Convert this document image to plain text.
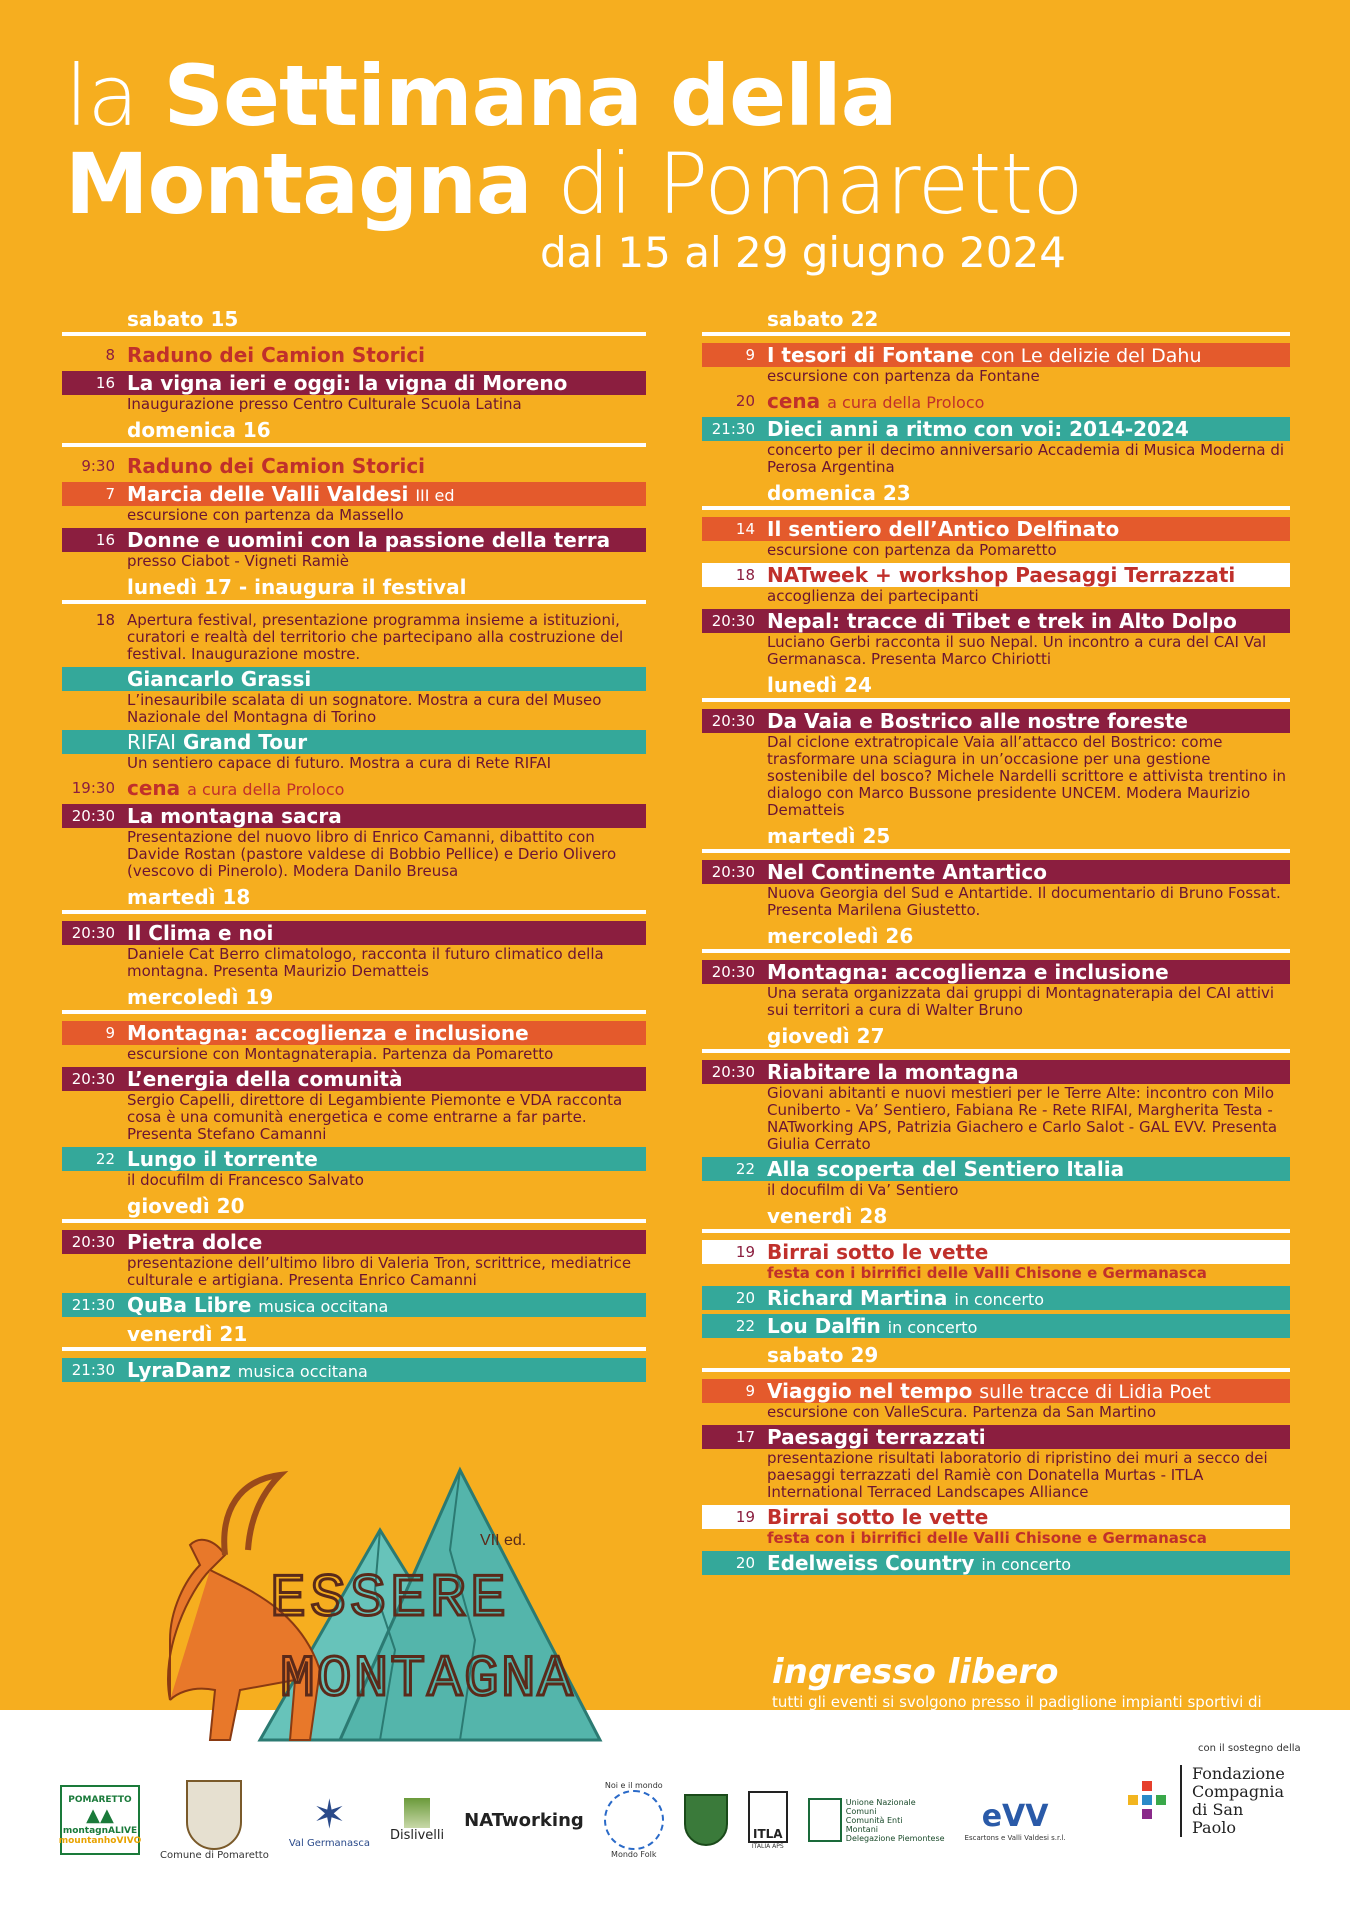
la Settimana della
Montagna di Pomaretto
dal 15 al 29 giugno 2024
sabato 15
8 Raduno dei Camion Storici
16 La vigna ieri e oggi: la vigna di Moreno
Inaugurazione presso Centro Culturale Scuola Latina
domenica 16
9:30 Raduno dei Camion Storici
7 Marcia delle Valli Valdesi III ed
escursione con partenza da Massello
16 Donne e uomini con la passione della terra
presso Ciabot - Vigneti Ramiè
lunedì 17 - inaugura il festival
18 Apertura festival, presentazione programma insieme a istituzioni, curatori e realtà del territorio che partecipano alla costruzione del festival. Inaugurazione mostre.
Giancarlo Grassi
L’inesauribile scalata di un sognatore. Mostra a cura del Museo Nazionale del Montagna di Torino
RIFAI Grand Tour
Un sentiero capace di futuro. Mostra a cura di Rete RIFAI
19:30 cena a cura della Proloco
20:30 La montagna sacra
Presentazione del nuovo libro di Enrico Camanni, dibattito con Davide Rostan (pastore valdese di Bobbio Pellice) e Derio Olivero (vescovo di Pinerolo). Modera Danilo Breusa
martedì 18
20:30 Il Clima e noi
Daniele Cat Berro climatologo, racconta il futuro climatico della montagna. Presenta Maurizio Dematteis
mercoledì 19
9 Montagna: accoglienza e inclusione
escursione con Montagnaterapia. Partenza da Pomaretto
20:30 L’energia della comunità
Sergio Capelli, direttore di Legambiente Piemonte e VDA racconta cosa è una comunità energetica e come entrarne a far parte. Presenta Stefano Camanni
22 Lungo il torrente
il docufilm di Francesco Salvato
giovedì 20
20:30 Pietra dolce
presentazione dell’ultimo libro di Valeria Tron, scrittrice, mediatrice culturale e artigiana. Presenta Enrico Camanni
21:30 QuBa Libre musica occitana
venerdì 21
21:30 LyraDanz musica occitana
sabato 22
9 I tesori di Fontane con Le delizie del Dahu
escursione con partenza da Fontane
20 cena a cura della Proloco
21:30 Dieci anni a ritmo con voi: 2014-2024
concerto per il decimo anniversario Accademia di Musica Moderna di Perosa Argentina
domenica 23
14 Il sentiero dell’Antico Delfinato
escursione con partenza da Pomaretto
18 NATweek + workshop Paesaggi Terrazzati
accoglienza dei partecipanti
20:30 Nepal: tracce di Tibet e trek in Alto Dolpo
Luciano Gerbi racconta il suo Nepal. Un incontro a cura del CAI Val Germanasca. Presenta Marco Chiriotti
lunedì 24
20:30 Da Vaia e Bostrico alle nostre foreste
Dal ciclone extratropicale Vaia all’attacco del Bostrico: come trasformare una sciagura in un’occasione per una gestione sostenibile del bosco? Michele Nardelli scrittore e attivista trentino in dialogo con Marco Bussone presidente UNCEM. Modera Maurizio Dematteis
martedì 25
20:30 Nel Continente Antartico
Nuova Georgia del Sud e Antartide. Il documentario di Bruno Fossat. Presenta Marilena Giustetto.
mercoledì 26
20:30 Montagna: accoglienza e inclusione
Una serata organizzata dai gruppi di Montagnaterapia del CAI attivi sui territori a cura di Walter Bruno
giovedì 27
20:30 Riabitare la montagna
Giovani abitanti e nuovi mestieri per le Terre Alte: incontro con Milo Cuniberto - Va’ Sentiero, Fabiana Re - Rete RIFAI, Margherita Testa - NATworking APS, Patrizia Giachero e Carlo Salot - GAL EVV. Presenta Giulia Cerrato
22 Alla scoperta del Sentiero Italia
il docufilm di Va’ Sentiero
venerdì 28
19 Birrai sotto le vette
festa con i birrifici delle Valli Chisone e Germanasca
20 Richard Martina in concerto
22 Lou Dalfin in concerto
sabato 29
9 Viaggio nel tempo sulle tracce di Lidia Poet
escursione con ValleScura. Partenza da San Martino
17 Paesaggi terrazzati
presentazione risultati laboratorio di ripristino dei muri a secco dei paesaggi terrazzati del Ramiè con Donatella Murtas - ITLA International Terraced Landscapes Alliance
19 Birrai sotto le vette
festa con i birrifici delle Valli Chisone e Germanasca
20 Edelweiss Country in concerto
VII ed.
ESSERE
MONTAGNA	ingresso libero
tutti gli eventi si svolgono presso il padiglione impianti sportivi di Pomaretto laddove non indicato diversamente
POMARETTO
▲▲
montagnALIVE
mountanhoVIVO
Comune di Pomaretto
✶
Val Germanasca
Dislivelli
NATworking
Noi e il mondo
Mondo Folk
ITLA
ITALIA APS
Unione Nazionale Comuni Comunità Enti Montani
Delegazione Piemontese
eVV
Escartons e Valli Valdesi s.r.l.
con il sostegno della
Fondazione Compagnia di San Paolo
